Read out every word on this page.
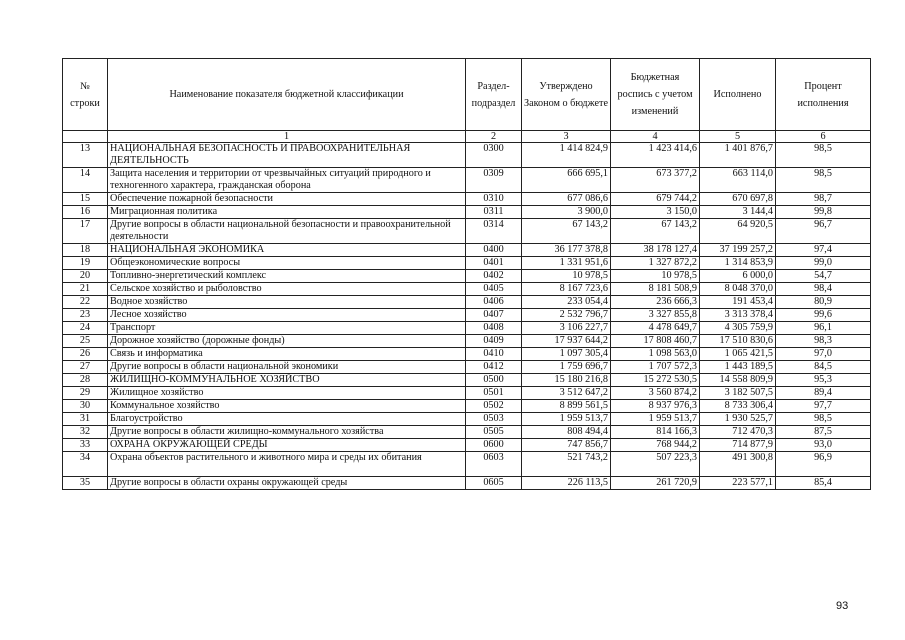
№ строки	Наименование показателя бюджетной классификации	Раздел-подраздел	Утверждено Законом о бюджете	Бюджетная роспись с учетом изменений	Исполнено	Процент исполнения
	1	2	3	4	5	6
13	НАЦИОНАЛЬНАЯ БЕЗОПАСНОСТЬ И ПРАВООХРАНИТЕЛЬНАЯ ДЕЯТЕЛЬНОСТЬ	0300	1 414 824,9	1 423 414,6	1 401 876,7	98,5
14	Защита населения и территории от чрезвычайных ситуаций природного и техногенного характера, гражданская оборона	0309	666 695,1	673 377,2	663 114,0	98,5
15	Обеспечение пожарной безопасности	0310	677 086,6	679 744,2	670 697,8	98,7
16	Миграционная политика	0311	3 900,0	3 150,0	3 144,4	99,8
17	Другие вопросы в области национальной безопасности и правоохранительной деятельности	0314	67 143,2	67 143,2	64 920,5	96,7
18	НАЦИОНАЛЬНАЯ ЭКОНОМИКА	0400	36 177 378,8	38 178 127,4	37 199 257,2	97,4
19	Общеэкономические вопросы	0401	1 331 951,6	1 327 872,2	1 314 853,9	99,0
20	Топливно-энергетический комплекс	0402	10 978,5	10 978,5	6 000,0	54,7
21	Сельское хозяйство и рыболовство	0405	8 167 723,6	8 181 508,9	8 048 370,0	98,4
22	Водное хозяйство	0406	233 054,4	236 666,3	191 453,4	80,9
23	Лесное хозяйство	0407	2 532 796,7	3 327 855,8	3 313 378,4	99,6
24	Транспорт	0408	3 106 227,7	4 478 649,7	4 305 759,9	96,1
25	Дорожное хозяйство (дорожные фонды)	0409	17 937 644,2	17 808 460,7	17 510 830,6	98,3
26	Связь и информатика	0410	1 097 305,4	1 098 563,0	1 065 421,5	97,0
27	Другие вопросы в области национальной экономики	0412	1 759 696,7	1 707 572,3	1 443 189,5	84,5
28	ЖИЛИЩНО-КОММУНАЛЬНОЕ ХОЗЯЙСТВО	0500	15 180 216,8	15 272 530,5	14 558 809,9	95,3
29	Жилищное хозяйство	0501	3 512 647,2	3 560 874,2	3 182 507,5	89,4
30	Коммунальное хозяйство	0502	8 899 561,5	8 937 976,3	8 733 306,4	97,7
31	Благоустройство	0503	1 959 513,7	1 959 513,7	1 930 525,7	98,5
32	Другие вопросы в области жилищно-коммунального хозяйства	0505	808 494,4	814 166,3	712 470,3	87,5
33	ОХРАНА ОКРУЖАЮЩЕЙ СРЕДЫ	0600	747 856,7	768 944,2	714 877,9	93,0
34	Охрана объектов растительного и животного мира и среды их обитания	0603	521 743,2	507 223,3	491 300,8	96,9
35	Другие вопросы в области охраны окружающей среды	0605	226 113,5	261 720,9	223 577,1	85,4
93
